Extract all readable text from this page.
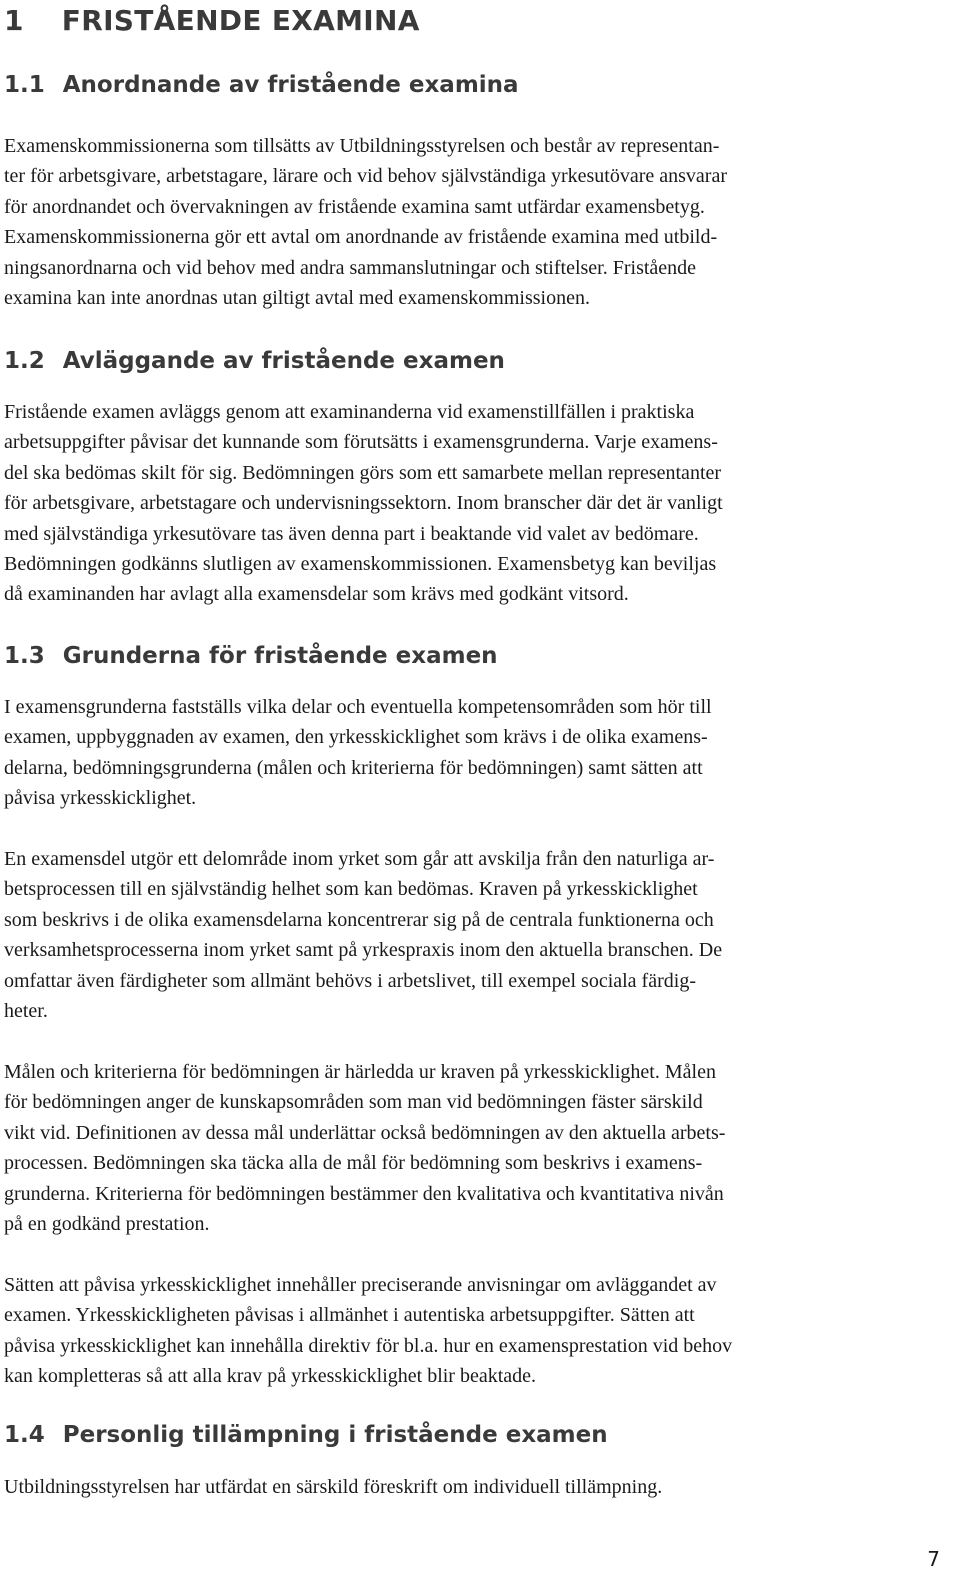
1 FRISTÅENDE EXAMINA
1.1 Anordnande av fristående examina

Examenskommissionerna som tillsätts av Utbildningsstyrelsen och består av representan-
ter för arbetsgivare, arbetstagare, lärare och vid behov självständiga yrkesutövare ansvarar
för anordnandet och övervakningen av fristående examina samt utfärdar examensbetyg.
Examenskommissionerna gör ett avtal om anordnande av fristående examina med utbild-
ningsanordnarna och vid behov med andra sammanslutningar och stiftelser. Fristående
examina kan inte anordnas utan giltigt avtal med examenskommissionen.

1.2 Avläggande av fristående examen

Fristående examen avläggs genom att examinanderna vid examenstillfällen i praktiska
arbetsuppgifter påvisar det kunnande som förutsätts i examensgrunderna. Varje examens-
del ska bedömas skilt för sig. Bedömningen görs som ett samarbete mellan representanter
för arbetsgivare, arbetstagare och undervisningssektorn. Inom branscher där det är vanligt
med självständiga yrkesutövare tas även denna part i beaktande vid valet av bedömare.
Bedömningen godkänns slutligen av examenskommissionen. Examensbetyg kan beviljas
då examinanden har avlagt alla examensdelar som krävs med godkänt vitsord.

1.3 Grunderna för fristående examen

I examensgrunderna fastställs vilka delar och eventuella kompetensområden som hör till
examen, uppbyggnaden av examen, den yrkesskicklighet som krävs i de olika examens-
delarna, bedömningsgrunderna (målen och kriterierna för bedömningen) samt sätten att
påvisa yrkesskicklighet.

En examensdel utgör ett delområde inom yrket som går att avskilja från den naturliga ar-
betsprocessen till en självständig helhet som kan bedömas. Kraven på yrkesskicklighet
som beskrivs i de olika examensdelarna koncentrerar sig på de centrala funktionerna och
verksamhetsprocesserna inom yrket samt på yrkespraxis inom den aktuella branschen. De
omfattar även färdigheter som allmänt behövs i arbetslivet, till exempel sociala färdig-
heter.

Målen och kriterierna för bedömningen är härledda ur kraven på yrkesskicklighet. Målen
för bedömningen anger de kunskapsområden som man vid bedömningen fäster särskild
vikt vid. Definitionen av dessa mål underlättar också bedömningen av den aktuella arbets-
processen. Bedömningen ska täcka alla de mål för bedömning som beskrivs i examens-
grunderna. Kriterierna för bedömningen bestämmer den kvalitativa och kvantitativa nivån
på en godkänd prestation.

Sätten att påvisa yrkesskicklighet innehåller preciserande anvisningar om avläggandet av
examen. Yrkesskickligheten påvisas i allmänhet i autentiska arbetsuppgifter. Sätten att
påvisa yrkesskicklighet kan innehålla direktiv för bl.a. hur en examensprestation vid behov
kan kompletteras så att alla krav på yrkesskicklighet blir beaktade.

1.4 Personlig tillämpning i fristående examen

Utbildningsstyrelsen har utfärdat en särskild föreskrift om individuell tillämpning.

7
